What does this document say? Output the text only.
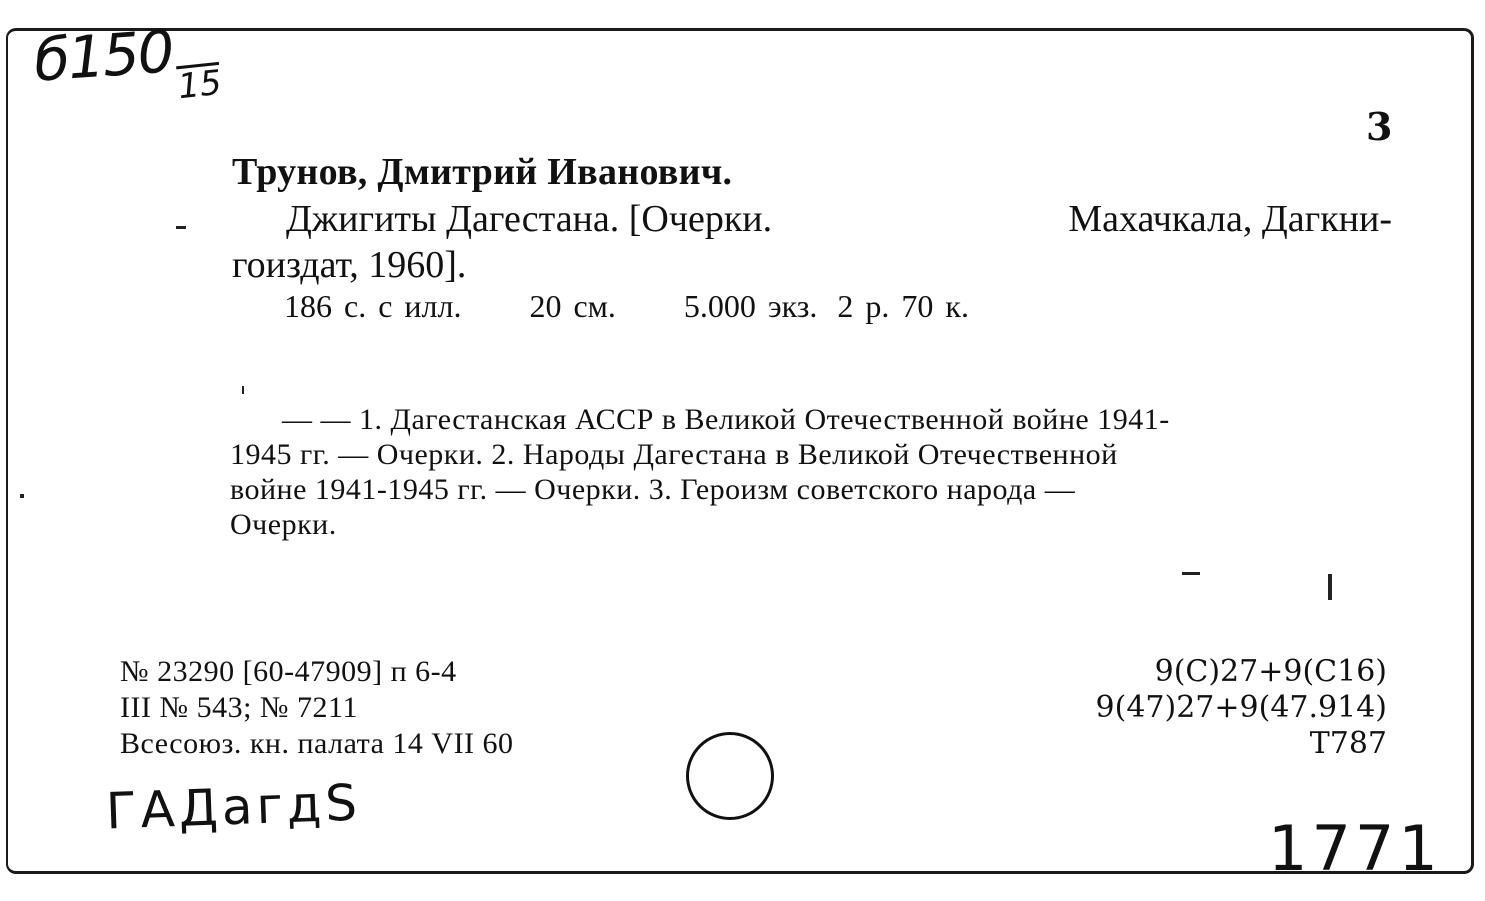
б150 15
3
Трунов, Дмитрий Иванович.
Джигиты Дагестана. [Очерки.	Махачкала, Дагкни-
гоиздат, 1960].
186 с. с илл. 20 см. 5.000 экз. 2 р. 70 к.
— — 1. Дагестанская АССР в Великой Отечественной войне 1941-
1945 гг. — Очерки. 2. Народы Дагестана в Великой Отечественной
войне 1941-1945 гг. — Очерки. 3. Героизм советского народа —
Очерки.
№ 23290 [60-47909] п 6-4
III № 543; № 7211
Всесоюз. кн. палата 14 VII 60
9(С)27+9(С16)
9(47)27+9(47.914)
Т787
ГАДагдS
1771
